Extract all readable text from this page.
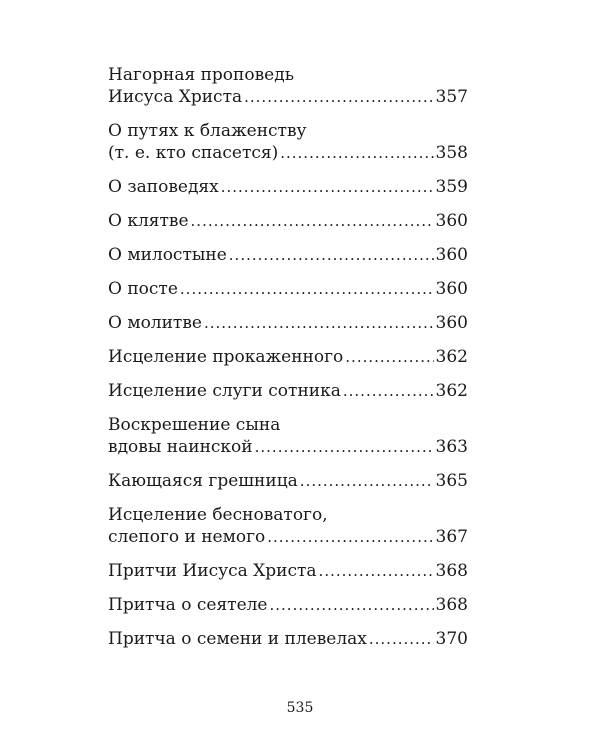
Нагорная проповедь
Иисуса Христа .....	357
О путях к блаженству
(т. е. кто спасется) .....	358
О заповедях .....	359
О клятве .....	360
О милостыне .....	360
О посте .....	360
О молитве .....	360
Исцеление прокаженного .....	362
Исцеление слуги сотника .....	362
Воскрешение сына
вдовы наинской .....	363
Кающаяся грешница .....	365
Исцеление бесноватого,
слепого и немого .....	367
Притчи Иисуса Христа .....	368
Притча о сеятеле .....	368
Притча о семени и плевелах .....	370
535
